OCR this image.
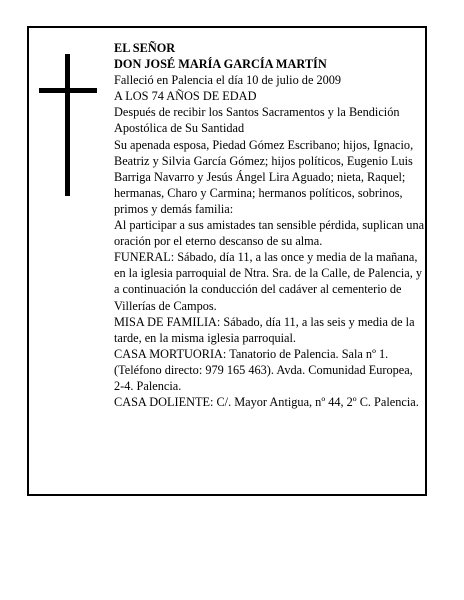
EL SEÑOR

DON JOSÉ MARÍA GARCÍA MARTÍN

Falleció en Palencia el día 10 de julio de 2009

A LOS 74 AÑOS DE EDAD

Después de recibir los Santos Sacramentos y la Bendición Apostólica de Su Santidad

Su apenada esposa, Piedad Gómez Escribano; hijos, Ignacio, Beatriz y Silvia García Gómez; hijos políticos, Eugenio Luis Barriga Navarro y Jesús Ángel Lira Aguado; nieta, Raquel; hermanas, Charo y Carmina; hermanos políticos, sobrinos, primos y demás familia:

Al participar a sus amistades tan sensible pérdida, suplican una oración por el eterno descanso de su alma.

FUNERAL: Sábado, día 11, a las once y media de la mañana, en la iglesia parroquial de Ntra. Sra. de la Calle, de Palencia, y a continuación la conducción del cadáver al cementerio de Villerías de Campos.

MISA DE FAMILIA: Sábado, día 11, a las seis y media de la tarde, en la misma iglesia parroquial.

CASA MORTUORIA: Tanatorio de Palencia. Sala nº 1. (Teléfono directo: 979 165 463). Avda. Comunidad Europea, 2-4. Palencia.

CASA DOLIENTE: C/. Mayor Antigua, nº 44, 2º C. Palencia.
